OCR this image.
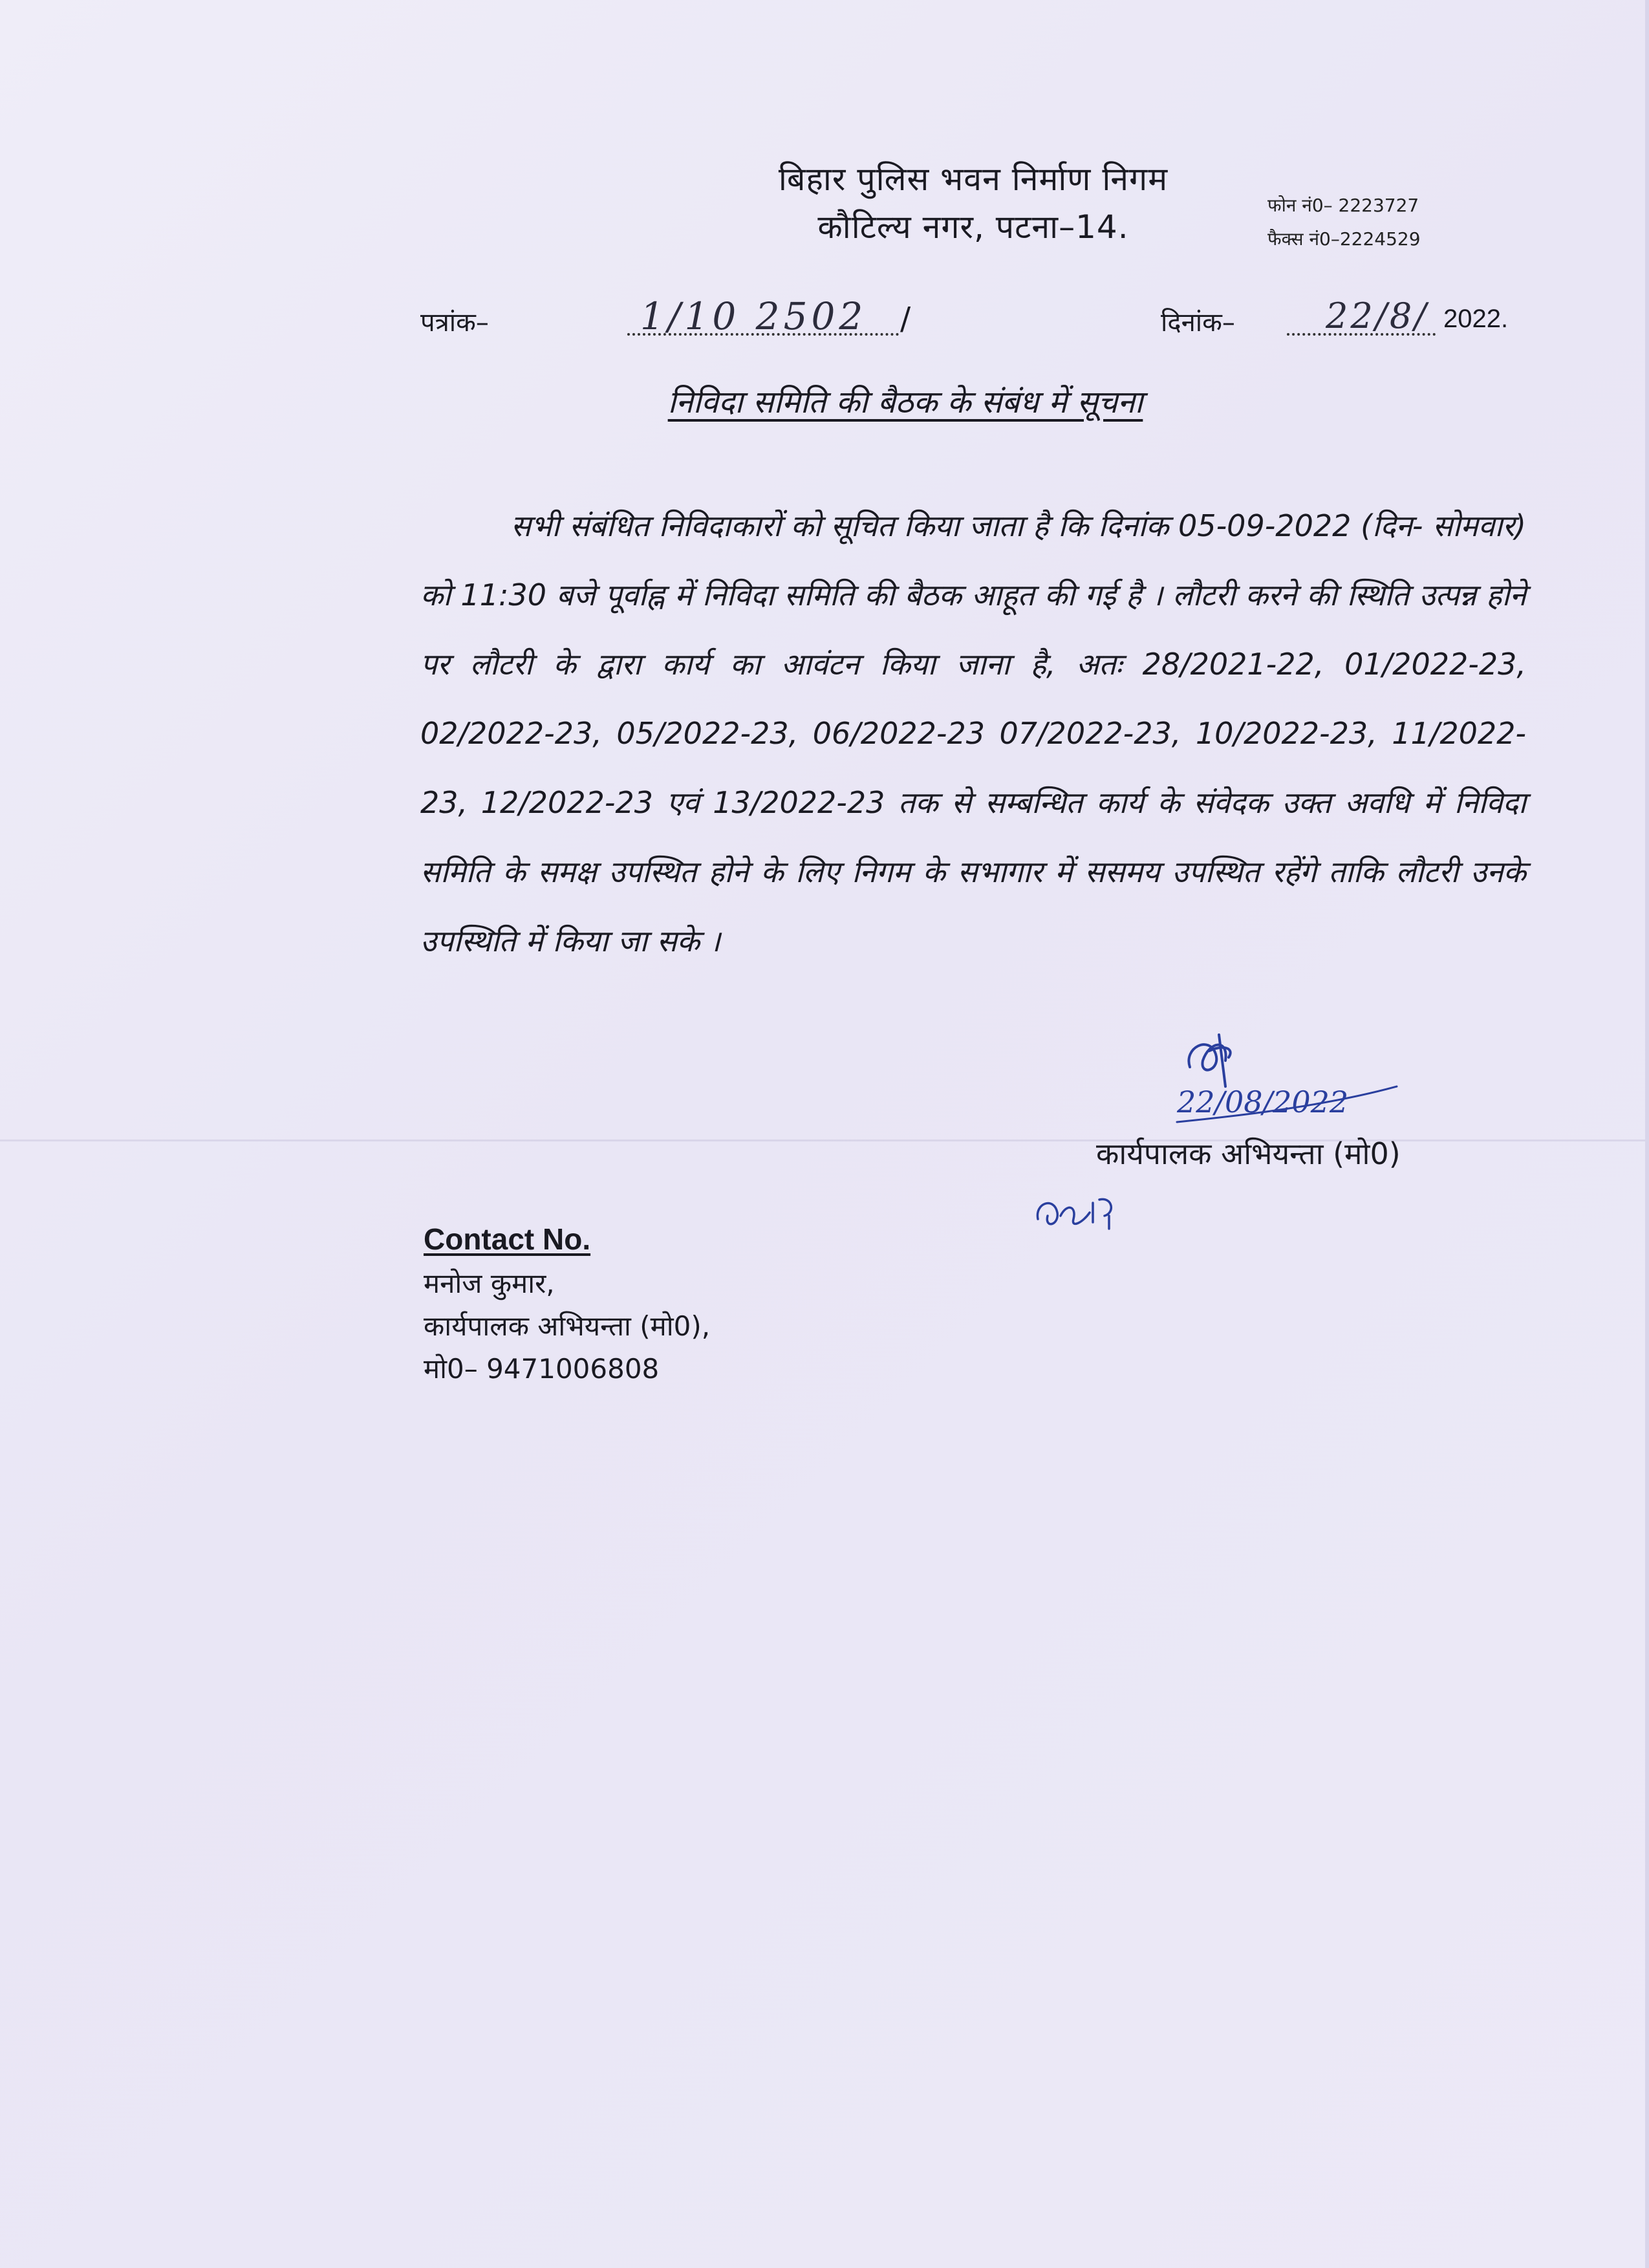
बिहार पुलिस भवन निर्माण निगम
कौटिल्य नगर, पटना–14.
फोन नं0– 2223727
फैक्स नं0–2224529
पत्रांक–	1/10 2502 /	दिनांक–	22/8/ 2022.
निविदा समिति की बैठक के संबंध में सूचना
सभी संबंधित निविदाकारों को सूचित किया जाता है कि दिनांक 05-09-2022 (दिन- सोमवार) को 11:30 बजे पूर्वाह्न में निविदा समिति की बैठक आहूत की गई है । लौटरी करने की स्थिति उत्पन्न होने पर लौटरी के द्वारा कार्य का आवंटन किया जाना है, अतः 28/2021-22, 01/2022-23, 02/2022-23, 05/2022-23, 06/2022-23 07/2022-23, 10/2022-23, 11/2022-23, 12/2022-23 एवं 13/2022-23 तक से सम्बन्धित कार्य के संवेदक उक्त अवधि में निविदा समिति के समक्ष उपस्थित होने के लिए निगम के सभागार में ससमय उपस्थित रहेंगे ताकि लौटरी उनके उपस्थिति में किया जा सके ।
22/08/2022
कार्यपालक अभियन्ता (मो0)
Contact No.
मनोज कुमार,
कार्यपालक अभियन्ता (मो0),
मो0– 9471006808
